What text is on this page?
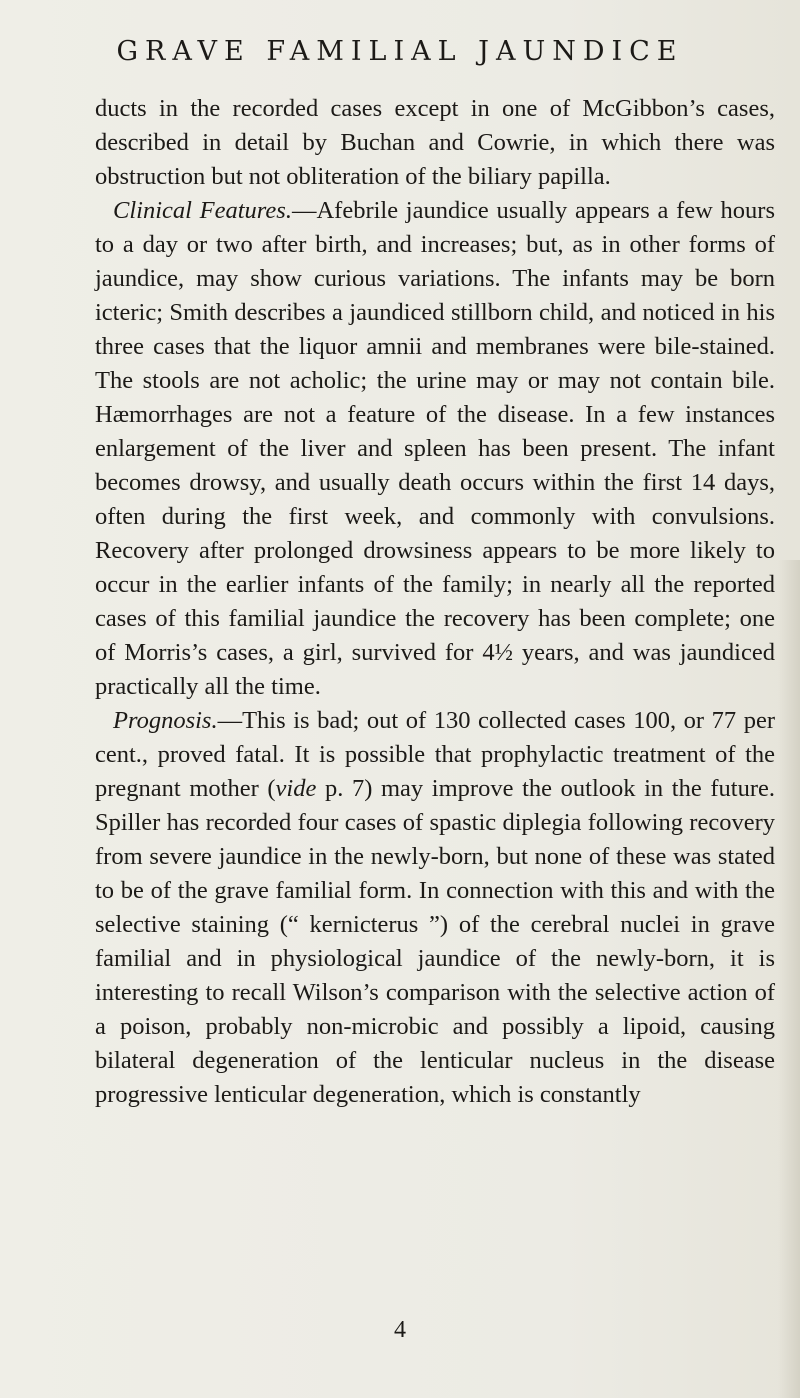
GRAVE FAMILIAL JAUNDICE

ducts in the recorded cases except in one of McGibbon’s cases, described in detail by Buchan and Cowrie, in which there was obstruction but not obliteration of the biliary papilla.

Clinical Features.—Afebrile jaundice usually appears a few hours to a day or two after birth, and increases; but, as in other forms of jaundice, may show curious variations. The infants may be born icteric; Smith describes a jaundiced stillborn child, and noticed in his three cases that the liquor amnii and membranes were bile-stained. The stools are not acholic; the urine may or may not contain bile. Hæmorrhages are not a feature of the disease. In a few instances enlargement of the liver and spleen has been present. The infant becomes drowsy, and usually death occurs within the first 14 days, often during the first week, and commonly with convulsions. Recovery after prolonged drowsiness appears to be more likely to occur in the earlier infants of the family; in nearly all the reported cases of this familial jaundice the recovery has been complete; one of Morris’s cases, a girl, survived for 4½ years, and was jaundiced practically all the time.

Prognosis.—This is bad; out of 130 collected cases 100, or 77 per cent., proved fatal. It is possible that prophylactic treatment of the pregnant mother (vide p. 7) may improve the outlook in the future. Spiller has recorded four cases of spastic diplegia following recovery from severe jaundice in the newly-born, but none of these was stated to be of the grave familial form. In connection with this and with the selective staining (“ kernicterus ”) of the cerebral nuclei in grave familial and in physiological jaundice of the newly-born, it is interesting to recall Wilson’s comparison with the selective action of a poison, probably non-microbic and possibly a lipoid, causing bilateral degeneration of the lenticular nucleus in the disease progressive lenticular degeneration, which is constantly

4
